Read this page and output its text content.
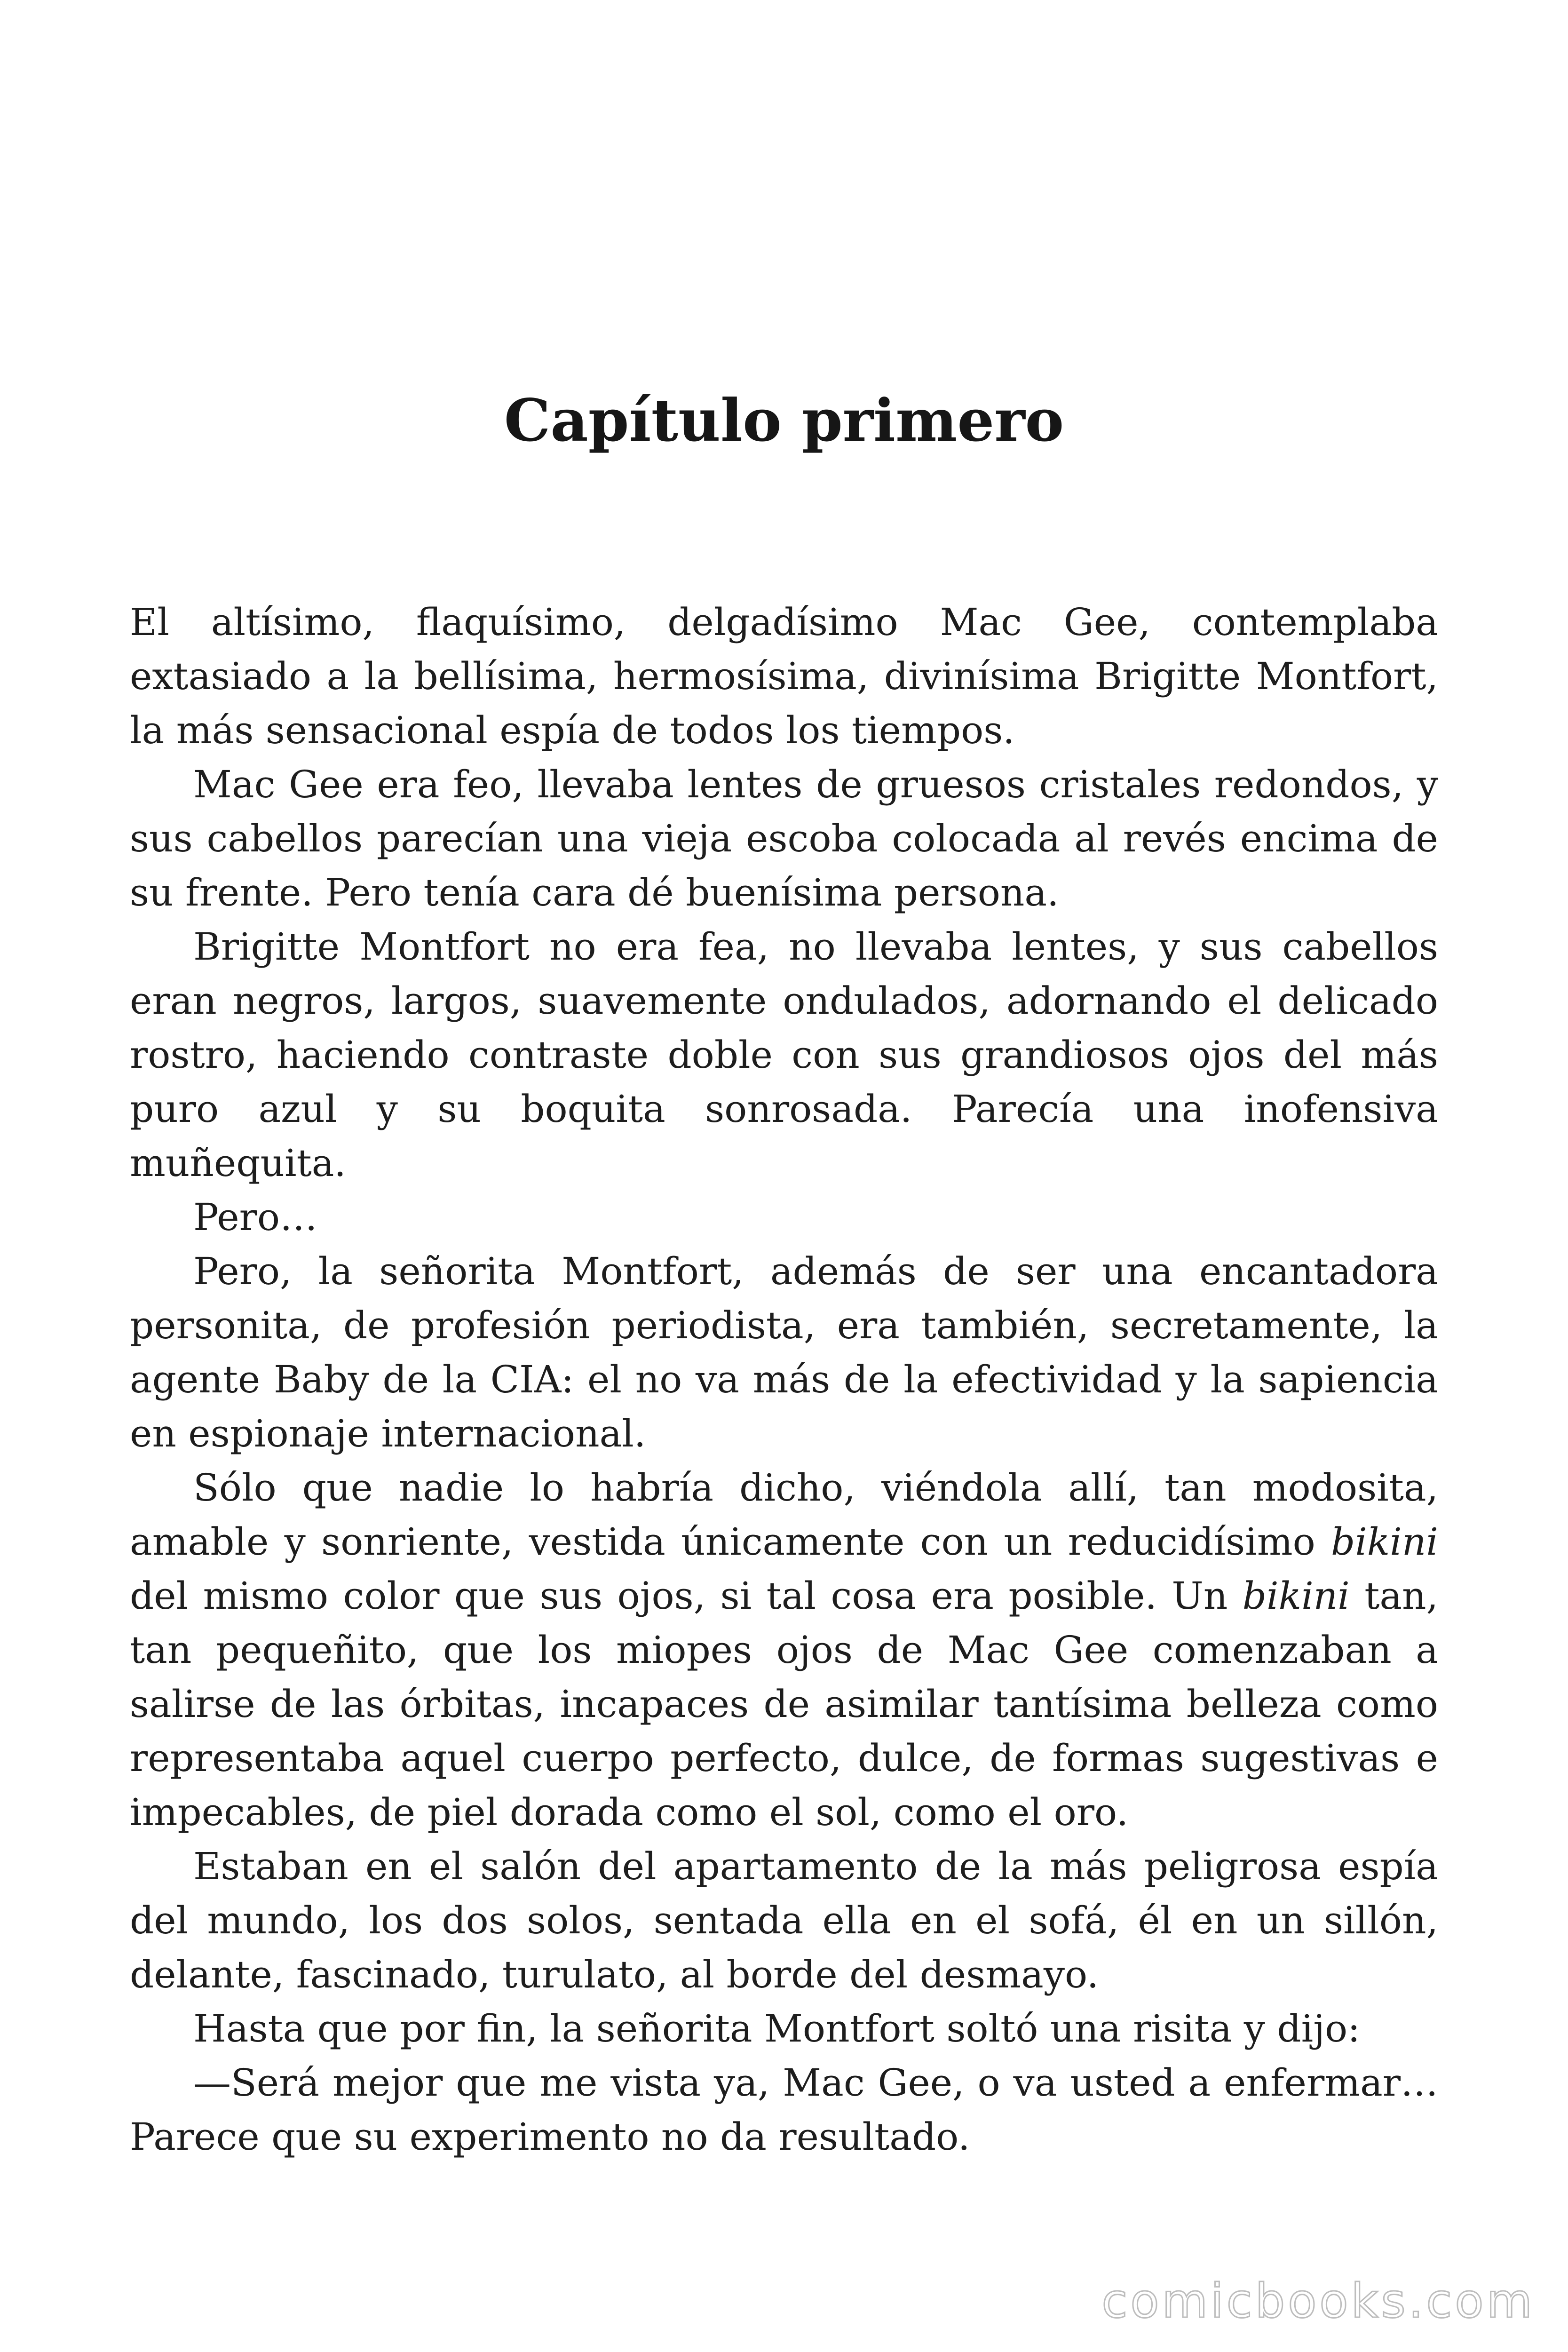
Capítulo primero

El altísimo, flaquísimo, delgadísimo Mac Gee, contemplaba extasiado a la bellísima, hermosísima, divinísima Brigitte Montfort, la más sensacional espía de todos los tiempos.

Mac Gee era feo, llevaba lentes de gruesos cristales redondos, y sus cabellos parecían una vieja escoba colocada al revés encima de su frente. Pero tenía cara dé buenísima persona.

Brigitte Montfort no era fea, no llevaba lentes, y sus cabellos eran negros, largos, suavemente ondulados, adornando el delicado rostro, haciendo contraste doble con sus grandiosos ojos del más puro azul y su boquita sonrosada. Parecía una inofensiva muñequita.

Pero…

Pero, la señorita Montfort, además de ser una encantadora personita, de profesión periodista, era también, secretamente, la agente Baby de la CIA: el no va más de la efectividad y la sapiencia en espionaje internacional.

Sólo que nadie lo habría dicho, viéndola allí, tan modosita, amable y sonriente, vestida únicamente con un reducidísimo bikini del mismo color que sus ojos, si tal cosa era posible. Un bikini tan, tan pequeñito, que los miopes ojos de Mac Gee comenzaban a salirse de las órbitas, incapaces de asimilar tantísima belleza como representaba aquel cuerpo perfecto, dulce, de formas sugestivas e impecables, de piel dorada como el sol, como el oro.

Estaban en el salón del apartamento de la más peligrosa espía del mundo, los dos solos, sentada ella en el sofá, él en un sillón, delante, fascinado, turulato, al borde del desmayo.

Hasta que por fin, la señorita Montfort soltó una risita y dijo:

—Será mejor que me vista ya, Mac Gee, o va usted a enfermar… Parece que su experimento no da resultado.

comicbooks.com
